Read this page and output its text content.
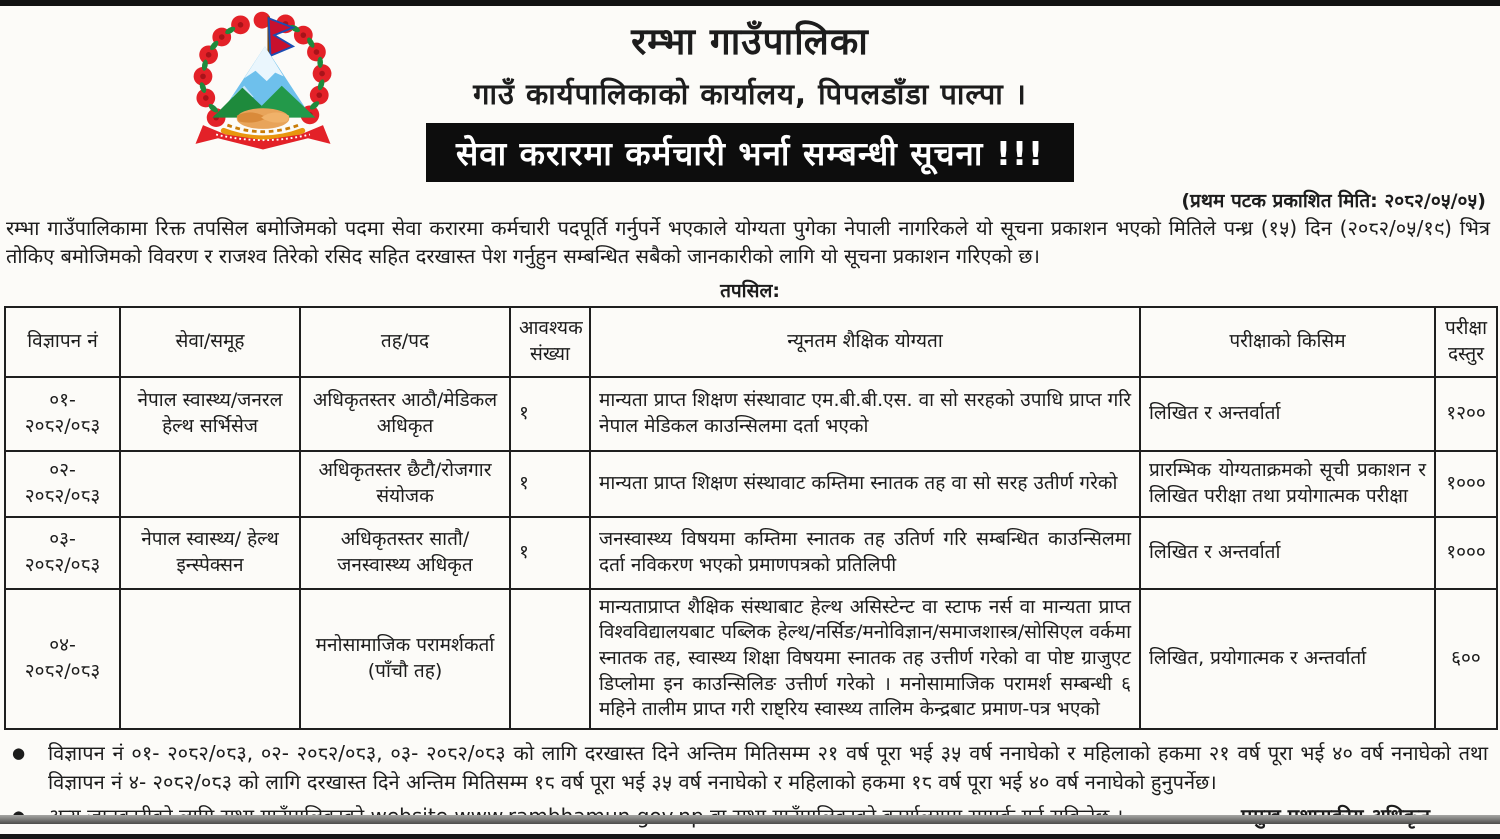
रम्भा गाउँपालिका
गाउँ कार्यपालिकाको कार्यालय, पिपलडाँडा पाल्पा ।
सेवा करारमा कर्मचारी भर्ना सम्बन्धी सूचना !!!
(प्रथम पटक प्रकाशित मिति: २०८२/०५/०५)
रम्भा गाउँपालिकामा रिक्त तपसिल बमोजिमको पदमा सेवा करारमा कर्मचारी पदपूर्ति गर्नुपर्ने भएकाले योग्यता पुगेका नेपाली नागरिकले यो सूचना प्रकाशन भएको मितिले पन्ध्र (१५) दिन (२०८२/०५/१९) भित्र तोकिए बमोजिमको विवरण र राजश्व तिरेको रसिद सहित दरखास्त पेश गर्नुहुन सम्बन्धित सबैको जानकारीको लागि यो सूचना प्रकाशन गरिएको छ।
तपसिल:
विज्ञापन नं	सेवा/समूह	तह/पद	आवश्यक संख्या	न्यूनतम शैक्षिक योग्यता	परीक्षाको किसिम	परीक्षा दस्तुर
०१- २०८२/०८३	नेपाल स्वास्थ्य/जनरल हेल्थ सर्भिसेज	अधिकृतस्तर आठौ/मेडिकल अधिकृत	१	मान्यता प्राप्त शिक्षण संस्थावाट एम.बी.बी.एस. वा सो सरहको उपाधि प्राप्त गरि नेपाल मेडिकल काउन्सिलमा दर्ता भएको	लिखित र अन्तर्वार्ता	१२००
०२- २०८२/०८३		अधिकृतस्तर छैटौ/रोजगार संयोजक	१	मान्यता प्राप्त शिक्षण संस्थावाट कम्तिमा स्नातक तह वा सो सरह उतीर्ण गरेको	प्रारम्भिक योग्यताक्रमको सूची प्रकाशन र लिखित परीक्षा तथा प्रयोगात्मक परीक्षा	१०००
०३- २०८२/०८३	नेपाल स्वास्थ्य/ हेल्थ इन्स्पेक्सन	अधिकृतस्तर सातौ/जनस्वास्थ्य अधिकृत	१	जनस्वास्थ्य विषयमा कम्तिमा स्नातक तह उतिर्ण गरि सम्बन्धित काउन्सिलमा दर्ता नविकरण भएको प्रमाणपत्रको प्रतिलिपी	लिखित र अन्तर्वार्ता	१०००
०४- २०८२/०८३		मनोसामाजिक परामर्शकर्ता (पाँचौ तह)		मान्यताप्राप्त शैक्षिक संस्थाबाट हेल्थ असिस्टेन्ट वा स्टाफ नर्स वा मान्यता प्राप्त विश्वविद्यालयबाट पब्लिक हेल्थ/नर्सिङ/मनोविज्ञान/समाजशास्त्र/सोसिएल वर्कमा स्नातक तह, स्वास्थ्य शिक्षा विषयमा स्नातक तह उत्तीर्ण गरेको वा पोष्ट ग्राजुएट डिप्लोमा इन काउन्सिलिङ उत्तीर्ण गरेको । मनोसामाजिक परामर्श सम्बन्धी ६ महिने तालीम प्राप्त गरी राष्ट्रिय स्वास्थ्य तालिम केन्द्रबाट प्रमाण-पत्र भएको	लिखित, प्रयोगात्मक र अन्तर्वार्ता	६००
●	विज्ञापन नं ०१- २०८२/०८३, ०२- २०८२/०८३, ०३- २०८२/०८३ को लागि दरखास्त दिने अन्तिम मितिसम्म २१ वर्ष पूरा भई ३५ वर्ष ननाघेको र महिलाको हकमा २१ वर्ष पूरा भई ४० वर्ष ननाघेको तथा विज्ञापन नं ४- २०८२/०८३ को लागि दरखास्त दिने अन्तिम मितिसम्म १८ वर्ष पूरा भई ३५ वर्ष ननाघेको र महिलाको हकमा १८ वर्ष पूरा भई ४० वर्ष ननाघेको हुनुपर्नेछ।
